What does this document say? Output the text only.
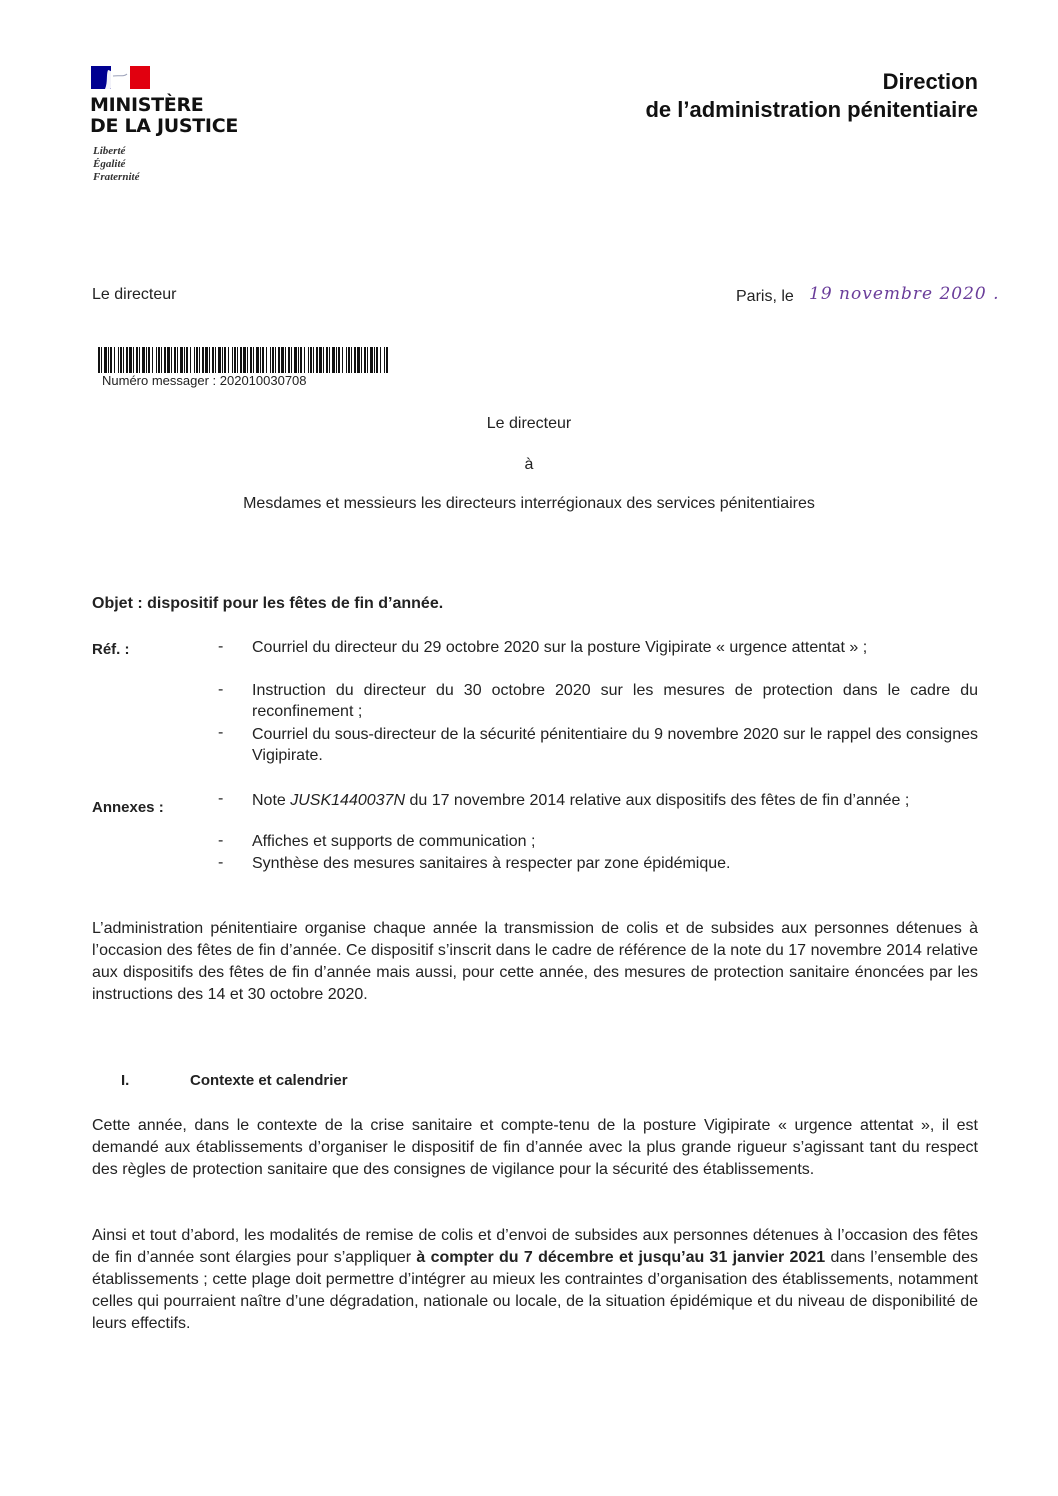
MINISTÈRE
DE LA JUSTICE
Liberté
Égalité
Fraternité
Direction
de l’administration pénitentiaire
Le directeur	Paris, le 19 novembre 2020 .
Numéro messager : 202010030708
Le directeur
à
Mesdames et messieurs les directeurs interrégionaux des services pénitentiaires
Objet : dispositif pour les fêtes de fin d’année.
Réf. :	- Courriel du directeur du 29 octobre 2020 sur la posture Vigipirate « urgence attentat » ;
- Instruction du directeur du 30 octobre 2020 sur les mesures de protection dans le cadre du reconfinement ;
- Courriel du sous-directeur de la sécurité pénitentiaire du 9 novembre 2020 sur le rappel des consignes Vigipirate.
Annexes :
- Note JUSK1440037N du 17 novembre 2014 relative aux dispositifs des fêtes de fin d’année ;
- Affiches et supports de communication ;
- Synthèse des mesures sanitaires à respecter par zone épidémique.
L’administration pénitentiaire organise chaque année la transmission de colis et de subsides aux personnes détenues à l’occasion des fêtes de fin d’année. Ce dispositif s’inscrit dans le cadre de référence de la note du 17 novembre 2014 relative aux dispositifs des fêtes de fin d’année mais aussi, pour cette année, des mesures de protection sanitaire énoncées par les instructions des 14 et 30 octobre 2020.
I.	Contexte et calendrier
Cette année, dans le contexte de la crise sanitaire et compte-tenu de la posture Vigipirate « urgence attentat », il est demandé aux établissements d’organiser le dispositif de fin d’année avec la plus grande rigueur s’agissant tant du respect des règles de protection sanitaire que des consignes de vigilance pour la sécurité des établissements.
Ainsi et tout d’abord, les modalités de remise de colis et d’envoi de subsides aux personnes détenues à l’occasion des fêtes de fin d’année sont élargies pour s’appliquer à compter du 7 décembre et jusqu’au 31 janvier 2021 dans l’ensemble des établissements ; cette plage doit permettre d’intégrer au mieux les contraintes d’organisation des établissements, notamment celles qui pourraient naître d’une dégradation, nationale ou locale, de la situation épidémique et du niveau de disponibilité de leurs effectifs.
